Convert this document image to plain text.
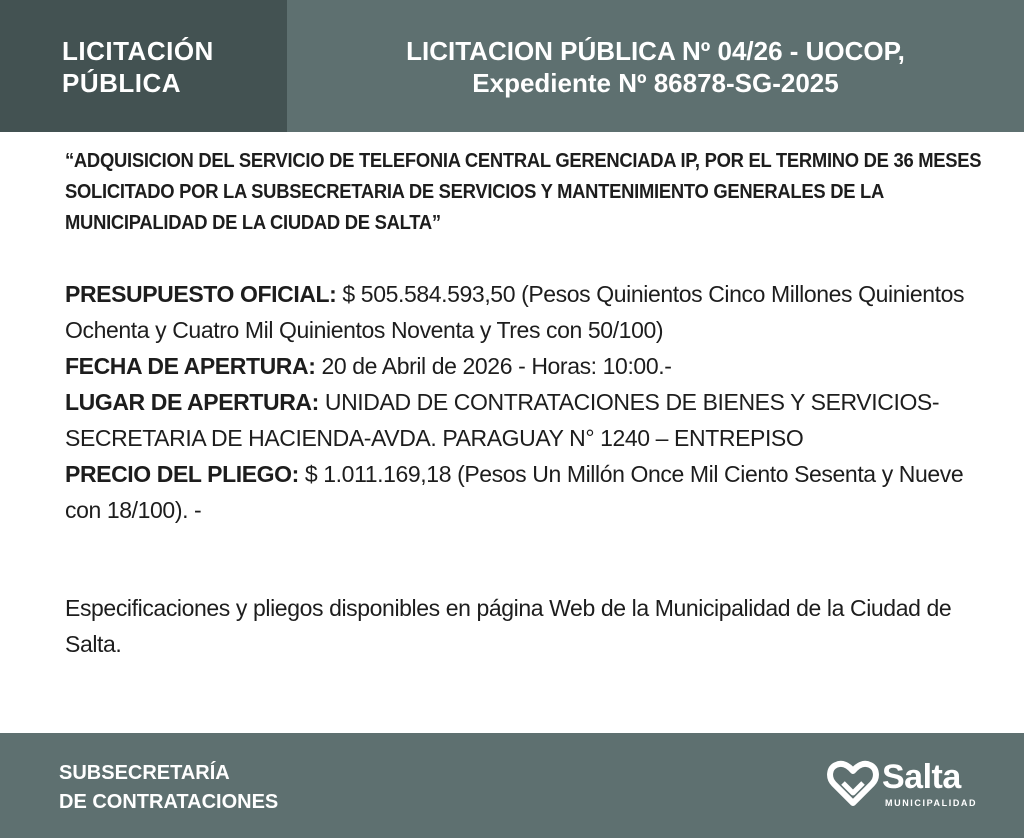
LICITACIÓN
PÚBLICA
LICITACION PÚBLICA Nº 04/26 - UOCOP,
Expediente Nº 86878-SG-2025

“ADQUISICION DEL SERVICIO DE TELEFONIA CENTRAL GERENCIADA IP, POR EL TERMINO DE 36 MESES SOLICITADO POR LA SUBSECRETARIA DE SERVICIOS Y MANTENIMIENTO GENERALES DE LA MUNICIPALIDAD DE LA CIUDAD DE SALTA”

PRESUPUESTO OFICIAL: $ 505.584.593,50 (Pesos Quinientos Cinco Millones Quinientos Ochenta y Cuatro Mil Quinientos Noventa y Tres con 50/100)

FECHA DE APERTURA: 20 de Abril de 2026 - Horas: 10:00.-

LUGAR DE APERTURA: UNIDAD DE CONTRATACIONES DE BIENES Y SERVICIOS-SECRETARIA DE HACIENDA-AVDA. PARAGUAY N° 1240 – ENTREPISO

PRECIO DEL PLIEGO: $ 1.011.169,18 (Pesos Un Millón Once Mil Ciento Sesenta y Nueve con 18/100). -

Especificaciones y pliegos disponibles en página Web de la Municipalidad de la Ciudad de Salta.

SUBSECRETARÍA
DE CONTRATACIONES
Salta
MUNICIPALIDAD
